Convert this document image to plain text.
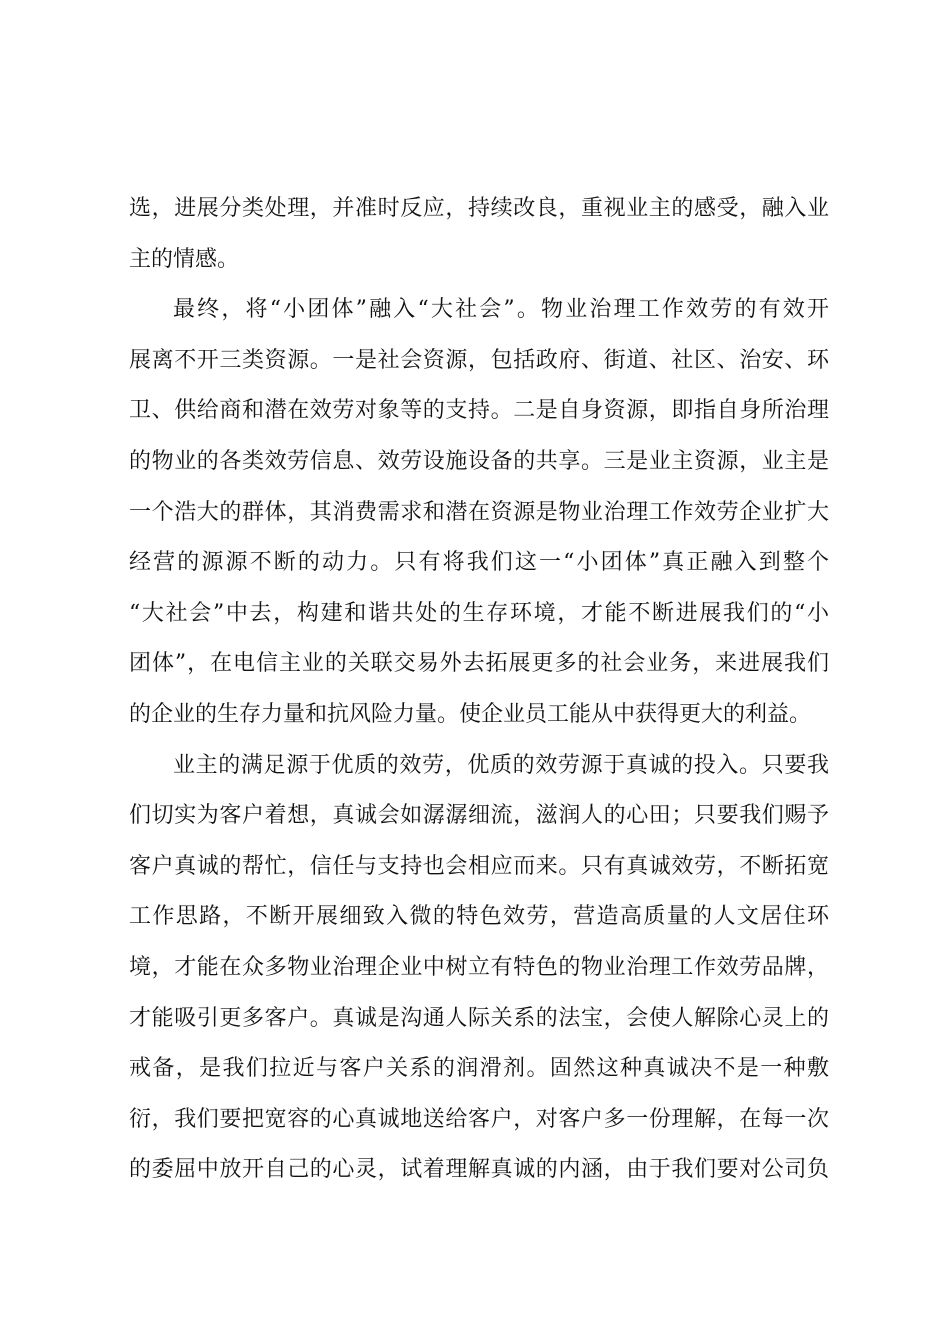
选，进展分类处理，并准时反应，持续改良，重视业主的感受，融入业
主的情感。
最终，将“小团体”融入“大社会”。物业治理工作效劳的有效开
展离不开三类资源。一是社会资源，包括政府、街道、社区、治安、环
卫、供给商和潜在效劳对象等的支持。二是自身资源，即指自身所治理
的物业的各类效劳信息、效劳设施设备的共享。三是业主资源，业主是
一个浩大的群体，其消费需求和潜在资源是物业治理工作效劳企业扩大
经营的源源不断的动力。只有将我们这一“小团体”真正融入到整个
“大社会”中去，构建和谐共处的生存环境，才能不断进展我们的“小
团体”，在电信主业的关联交易外去拓展更多的社会业务，来进展我们
的企业的生存力量和抗风险力量。使企业员工能从中获得更大的利益。
业主的满足源于优质的效劳，优质的效劳源于真诚的投入。只要我
们切实为客户着想，真诚会如潺潺细流，滋润人的心田；只要我们赐予
客户真诚的帮忙，信任与支持也会相应而来。只有真诚效劳，不断拓宽
工作思路，不断开展细致入微的特色效劳，营造高质量的人文居住环
境，才能在众多物业治理企业中树立有特色的物业治理工作效劳品牌，
才能吸引更多客户。真诚是沟通人际关系的法宝，会使人解除心灵上的
戒备，是我们拉近与客户关系的润滑剂。固然这种真诚决不是一种敷
衍，我们要把宽容的心真诚地送给客户，对客户多一份理解，在每一次
的委屈中放开自己的心灵，试着理解真诚的内涵，由于我们要对公司负
